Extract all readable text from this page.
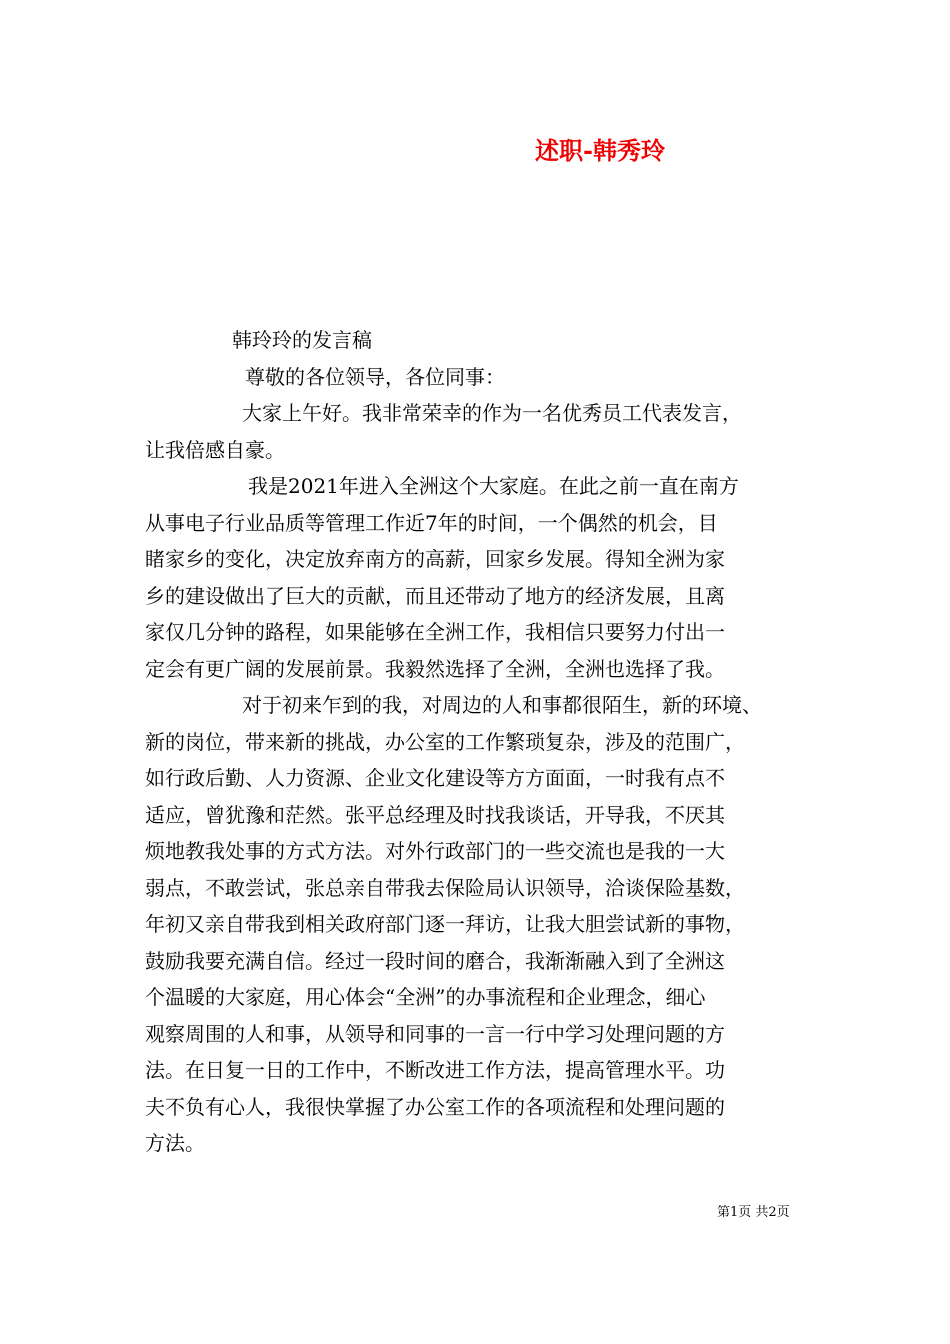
述职-韩秀玲
韩玲玲的发言稿
尊敬的各位领导，各位同事：
大家上午好。我非常荣幸的作为一名优秀员工代表发言，
让我倍感自豪。
我是2021年进入全洲这个大家庭。在此之前一直在南方
从事电子行业品质等管理工作近7年的时间，一个偶然的机会，目
睹家乡的变化，决定放弃南方的高薪，回家乡发展。得知全洲为家
乡的建设做出了巨大的贡献，而且还带动了地方的经济发展，且离
家仅几分钟的路程，如果能够在全洲工作，我相信只要努力付出一
定会有更广阔的发展前景。我毅然选择了全洲，全洲也选择了我。
对于初来乍到的我，对周边的人和事都很陌生，新的环境、
新的岗位，带来新的挑战，办公室的工作繁琐复杂，涉及的范围广，
如行政后勤、人力资源、企业文化建设等方方面面，一时我有点不
适应，曾犹豫和茫然。张平总经理及时找我谈话，开导我，不厌其
烦地教我处事的方式方法。对外行政部门的一些交流也是我的一大
弱点，不敢尝试，张总亲自带我去保险局认识领导，洽谈保险基数，
年初又亲自带我到相关政府部门逐一拜访，让我大胆尝试新的事物，
鼓励我要充满自信。经过一段时间的磨合，我渐渐融入到了全洲这
个温暖的大家庭，用心体会“全洲”的办事流程和企业理念，细心
观察周围的人和事，从领导和同事的一言一行中学习处理问题的方
法。在日复一日的工作中，不断改进工作方法，提高管理水平。功
夫不负有心人，我很快掌握了办公室工作的各项流程和处理问题的
方法。
第1页 共2页
